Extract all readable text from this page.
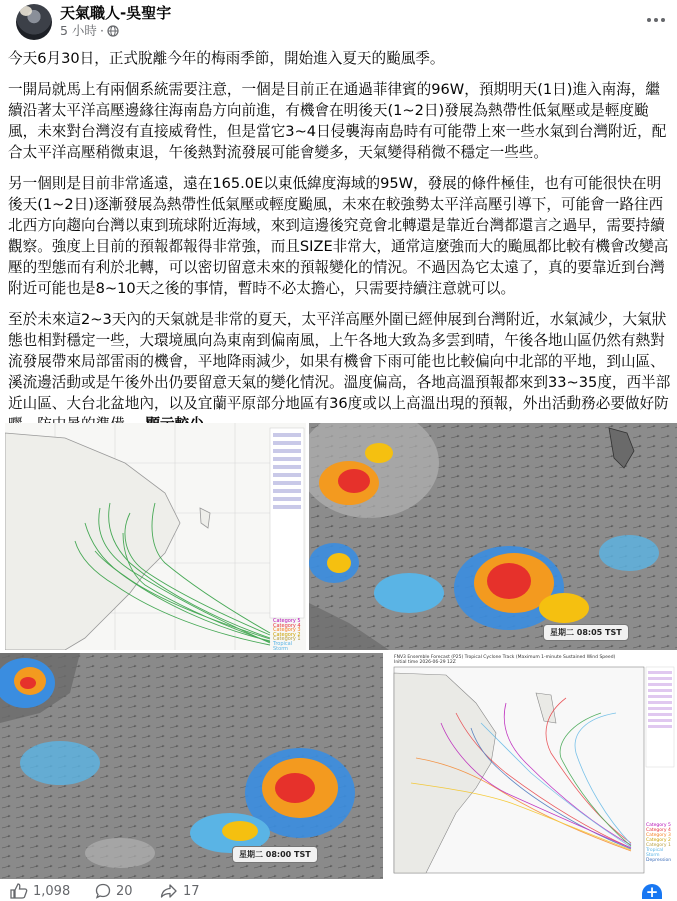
天氣職人-吳聖宇
5 小時 ·

今天6月30日，正式脫離今年的梅雨季節，開始進入夏天的颱風季。

一開局就馬上有兩個系統需要注意，一個是目前正在通過菲律賓的96W，預期明天(1日)進入南海，繼續沿著太平洋高壓邊緣往海南島方向前進，有機會在明後天(1~2日)發展為熱帶性低氣壓或是輕度颱風，未來對台灣沒有直接威脅性，但是當它3~4日侵襲海南島時有可能帶上來一些水氣到台灣附近，配合太平洋高壓稍微東退，午後熱對流發展可能會變多，天氣變得稍微不穩定一些些。

另一個則是目前非常遙遠，遠在165.0E以東低緯度海域的95W，發展的條件極佳，也有可能很快在明後天(1~2日)逐漸發展為熱帶性低氣壓或輕度颱風，未來在較強勢太平洋高壓引導下，可能會一路往西北西方向趨向台灣以東到琉球附近海域，來到這邊後究竟會北轉還是靠近台灣都還言之過早，需要持續觀察。強度上目前的預報都報得非常強，而且SIZE非常大，通常這麼強而大的颱風都比較有機會改變高壓的型態而有利於北轉，可以密切留意未來的預報變化的情況。不過因為它太遠了，真的要靠近到台灣附近可能也是8~10天之後的事情，暫時不必太擔心，只需要持續注意就可以。

至於未來這2~3天內的天氣就是非常的夏天，太平洋高壓外圍已經伸展到台灣附近，水氣減少，大氣狀態也相對穩定一些，大環境風向為東南到偏南風，上午各地大致為多雲到晴，午後各地山區仍然有熱對流發展帶來局部雷雨的機會，平地降雨減少，如果有機會下雨可能也比較偏向中北部的平地，到山區、溪流邊活動或是午後外出仍要留意天氣的變化情況。溫度偏高，各地高溫預報都來到33~35度，西半部近山區、大台北盆地內，以及宜蘭平原部分地區有36度或以上高溫出現的預報，外出活動務必要做好防

Category 5
Category 4
Category 3
Category 2
Category 1
Tropical Storm
星期二 08:05 TST
星期二 08:00 TST
FNV3 Ensemble Forecast (P25) Tropical Cyclone Track (Maximum 1-minute Sustained Wind Speed)
Initial time 2026-06-29 12Z
Category 5
Category 4
Category 3
Category 2
Category 1
Tropical Storm
Depression
1,098	20	17	+
